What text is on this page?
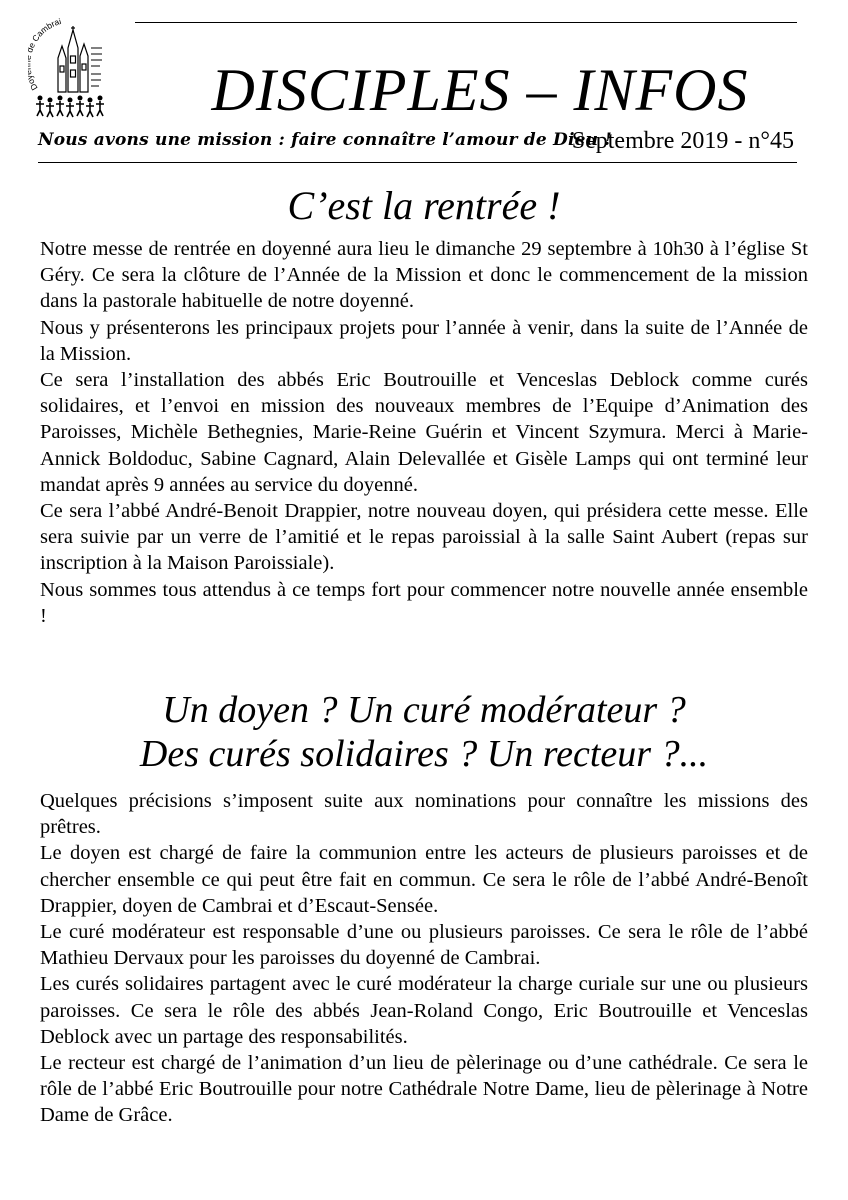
D Cambrai
DISCIPLES – INFOS
Nous avons une mission : faire connaître l’amour de Dieu !
Septembre 2019 - n°45
C’est la rentrée !

Notre messe de rentrée en doyenné aura lieu le dimanche 29 septembre à 10h30 à l’église St Géry. Ce sera la clôture de l’Année de la Mission et donc le commencement de la mission dans la pastorale habituelle de notre doyenné.

Nous y présenterons les principaux projets pour l’année à venir, dans la suite de l’Année de la Mission.

Ce sera l’installation des abbés Eric Boutrouille et Venceslas Deblock comme curés solidaires, et l’envoi en mission des nouveaux membres de l’Equipe d’Animation des Paroisses, Michèle Bethegnies, Marie-Reine Guérin et Vincent Szymura. Merci à Marie-Annick Boldoduc, Sabine Cagnard, Alain Delevallée et Gisèle Lamps qui ont terminé leur mandat après 9 années au service du doyenné.

Ce sera l’abbé André-Benoit Drappier, notre nouveau doyen, qui présidera cette messe. Elle sera suivie par un verre de l’amitié et le repas paroissial à la salle Saint Aubert (repas sur inscription à la Maison Paroissiale).

Nous sommes tous attendus à ce temps fort pour commencer notre nouvelle année ensemble !

Un doyen ? Un curé modérateur ?
Des curés solidaires ? Un recteur ?...

Quelques précisions s’imposent suite aux nominations pour connaître les missions des prêtres.

Le doyen est chargé de faire la communion entre les acteurs de plusieurs paroisses et de chercher ensemble ce qui peut être fait en commun. Ce sera le rôle de l’abbé André-Benoît Drappier, doyen de Cambrai et d’Escaut-Sensée.

Le curé modérateur est responsable d’une ou plusieurs paroisses. Ce sera le rôle de l’abbé Mathieu Dervaux pour les paroisses du doyenné de Cambrai.

Les curés solidaires partagent avec le curé modérateur la charge curiale sur une ou plusieurs paroisses. Ce sera le rôle des abbés Jean-Roland Congo, Eric Boutrouille et Venceslas Deblock avec un partage des responsabilités.

Le recteur est chargé de l’animation d’un lieu de pèlerinage ou d’une cathédrale. Ce sera le rôle de l’abbé Eric Boutrouille pour notre Cathédrale Notre Dame, lieu de pèlerinage à Notre Dame de Grâce.
